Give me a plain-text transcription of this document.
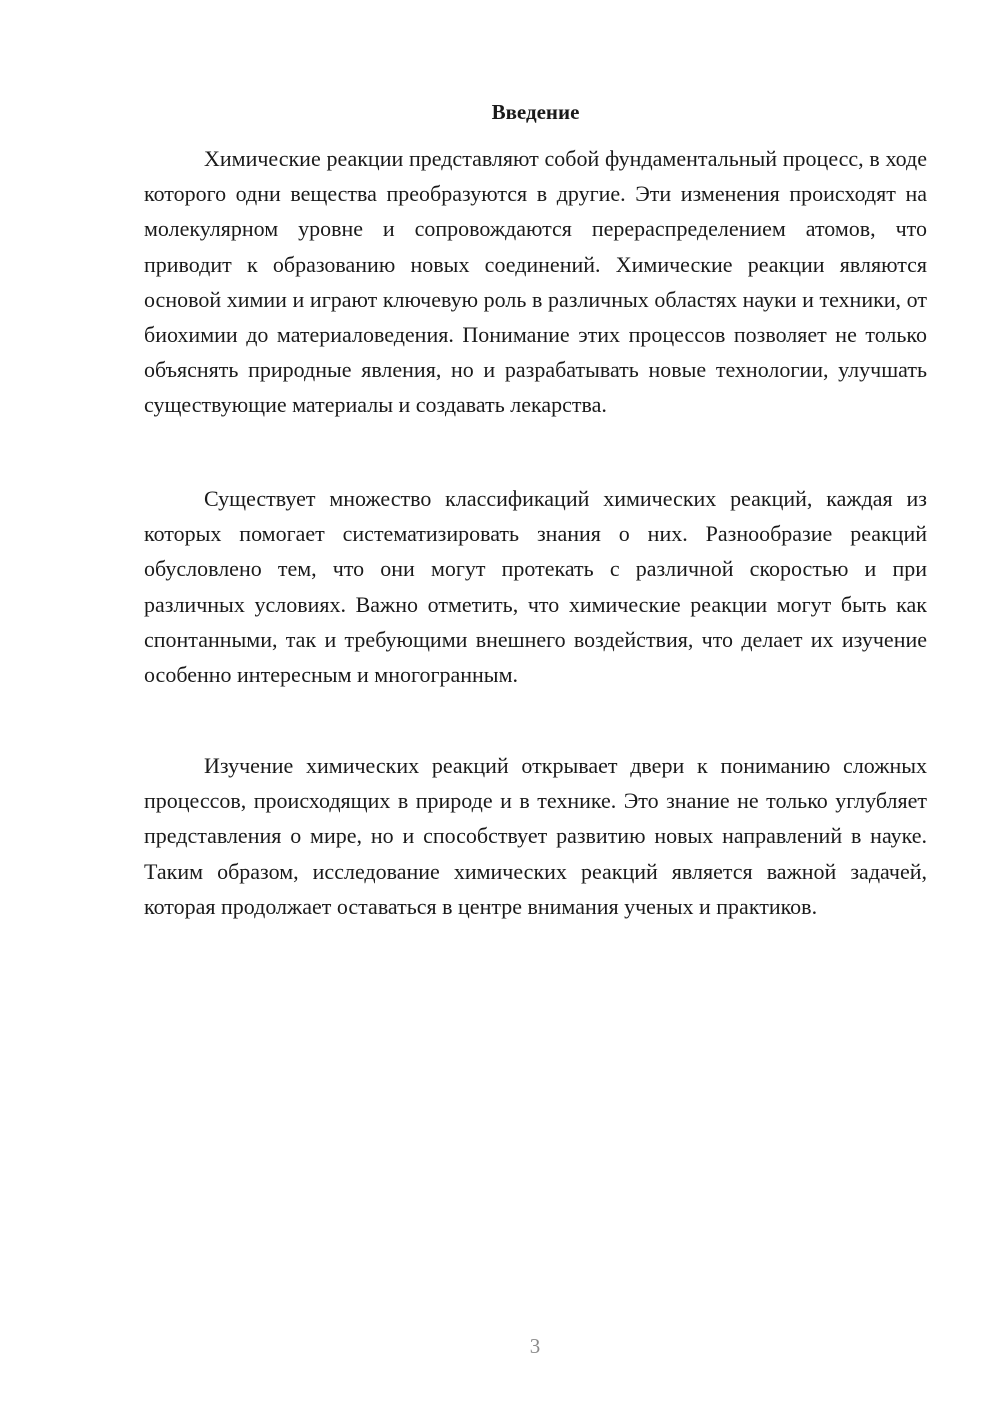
Введение

Химические реакции представляют собой фундаментальный процесс, в ходе которого одни вещества преобразуются в другие. Эти изменения происходят на молекулярном уровне и сопровождаются перераспределением атомов, что приводит к образованию новых соединений. Химические реакции являются основой химии и играют ключевую роль в различных областях науки и техники, от биохимии до материаловедения. Понимание этих процессов позволяет не только объяснять природные явления, но и разрабатывать новые технологии, улучшать существующие материалы и создавать лекарства.

Существует множество классификаций химических реакций, каждая из которых помогает систематизировать знания о них. Разнообразие реакций обусловлено тем, что они могут протекать с различной скоростью и при различных условиях. Важно отметить, что химические реакции могут быть как спонтанными, так и требующими внешнего воздействия, что делает их изучение особенно интересным и многогранным.

Изучение химических реакций открывает двери к пониманию сложных процессов, происходящих в природе и в технике. Это знание не только углубляет представления о мире, но и способствует развитию новых направлений в науке. Таким образом, исследование химических реакций является важной задачей, которая продолжает оставаться в центре внимания ученых и практиков.

3
